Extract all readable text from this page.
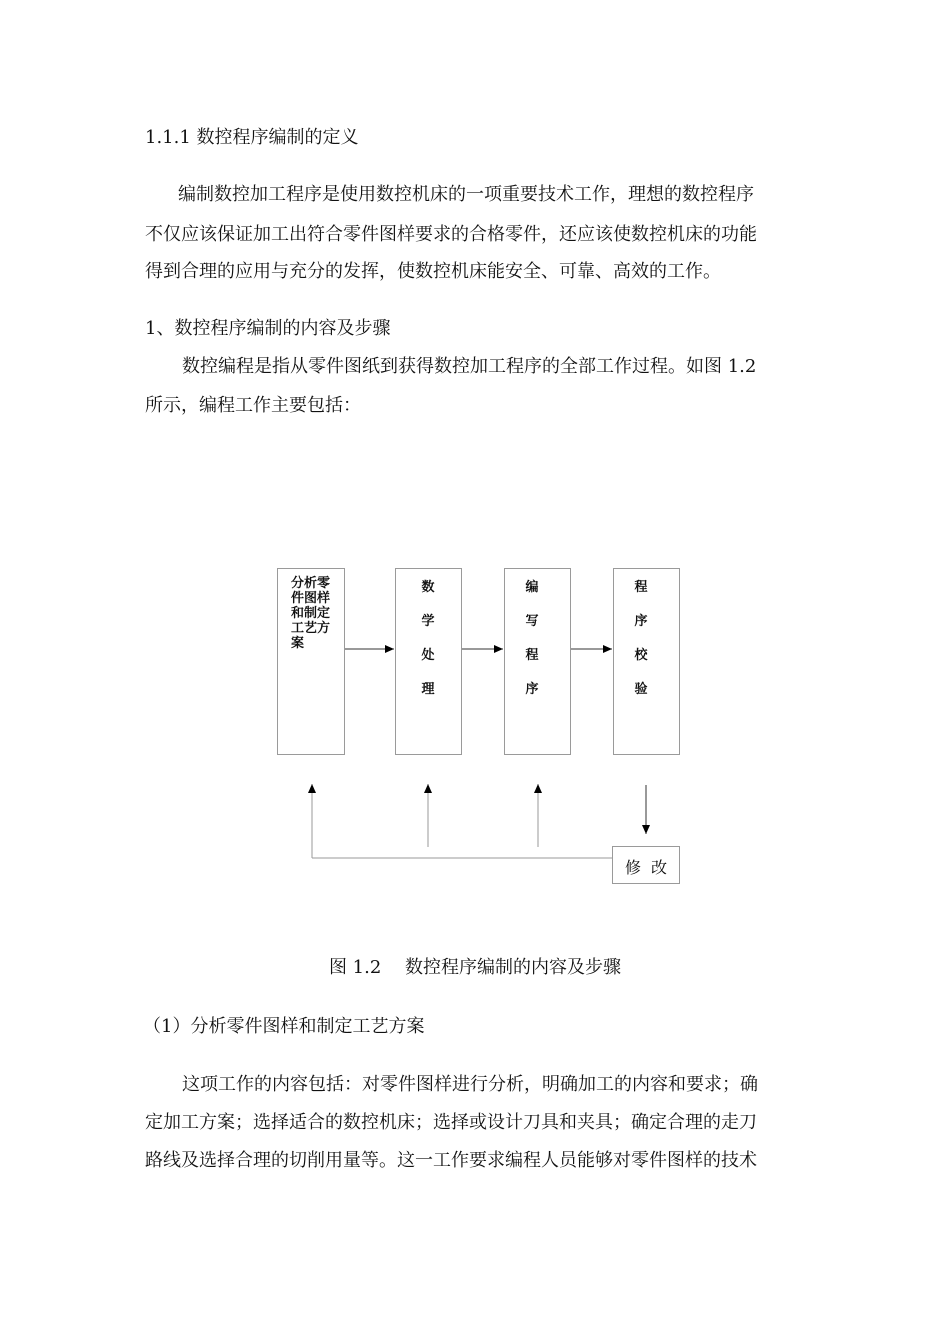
1.1.1 数控程序编制的定义
编制数控加工程序是使用数控机床的一项重要技术工作，理想的数控程序
不仅应该保证加工出符合零件图样要求的合格零件，还应该使数控机床的功能
得到合理的应用与充分的发挥，使数控机床能安全、可靠、高效的工作。
1、数控程序编制的内容及步骤
数控编程是指从零件图纸到获得数控加工程序的全部工作过程。如图 1.2
所示，编程工作主要包括：
分析零
件图样
和制定
工艺方
案
数
学
处
理
编
写
程
序
程
序
校
验
修改
图 1.2　 数控程序编制的内容及步骤
（1）分析零件图样和制定工艺方案
这项工作的内容包括：对零件图样进行分析，明确加工的内容和要求；确
定加工方案；选择适合的数控机床；选择或设计刀具和夹具；确定合理的走刀
路线及选择合理的切削用量等。这一工作要求编程人员能够对零件图样的技术
